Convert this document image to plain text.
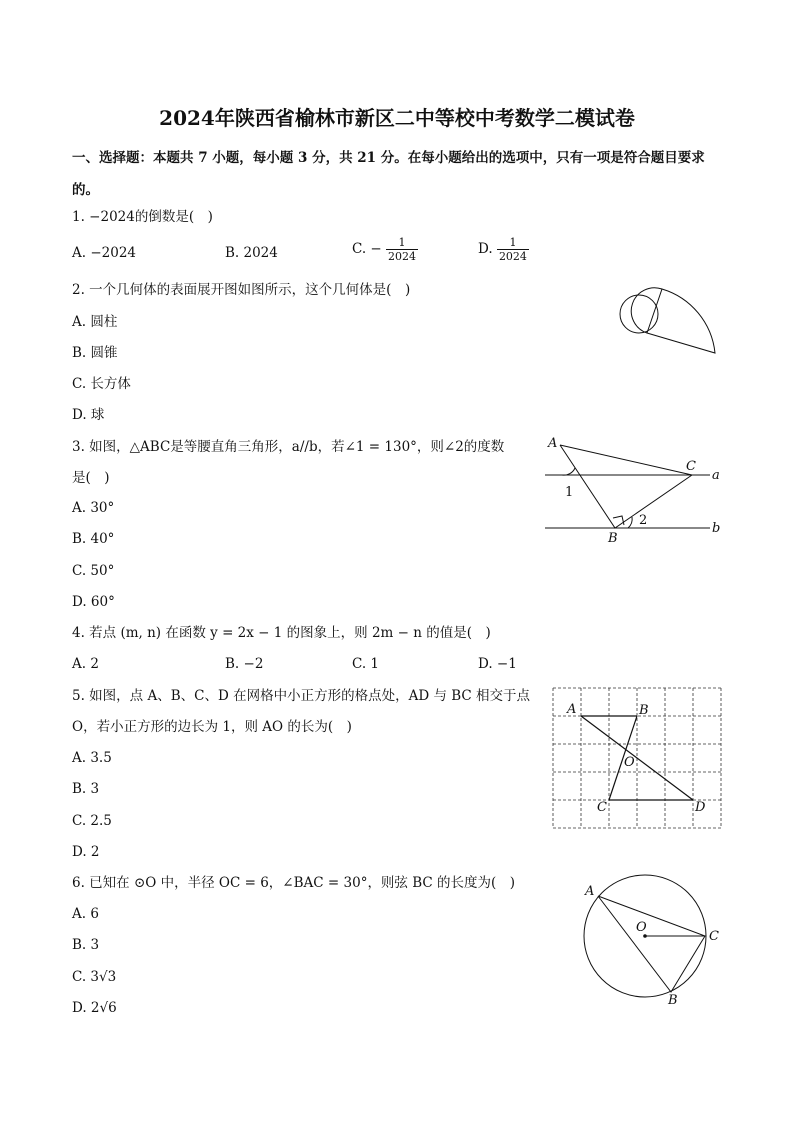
2024年陕西省榆林市新区二中等校中考数学二模试卷
一、选择题：本题共 7 小题，每小题 3 分，共 21 分。在每小题给出的选项中，只有一项是符合题目要求
的。
1. −2024的倒数是(　)
A. −2024	B. 2024	C. − $\frac{1}{2024}$	D. $\frac{1}{2024}$
2. 一个几何体的表面展开图如图所示，这个几何体是(　)
A. 圆柱
B. 圆锥
C. 长方体
D. 球
3. 如图，△ABC是等腰直角三角形，a//b，若∠1 = 130°，则∠2的度数
是(　)
A. 30°
B. 40°
C. 50°
D. 60°
A
C
B
a
b
1
2
4. 若点 (m, n) 在函数 y = 2x − 1 的图象上，则 2m − n 的值是(　)
A. 2	B. −2	C. 1	D. −1
5. 如图，点 A、B、C、D 在网格中小正方形的格点处，AD 与 BC 相交于点
O，若小正方形的边长为 1，则 AO 的长为(　)
A. 3.5
B. 3
C. 2.5
D. 2
A	B
O
C	D
6. 已知在 ⊙O 中，半径 OC = 6，∠BAC = 30°，则弦 BC 的长度为(　)
A. 6
B. 3
C. 3√3
D. 2√6
A
O
C
B
